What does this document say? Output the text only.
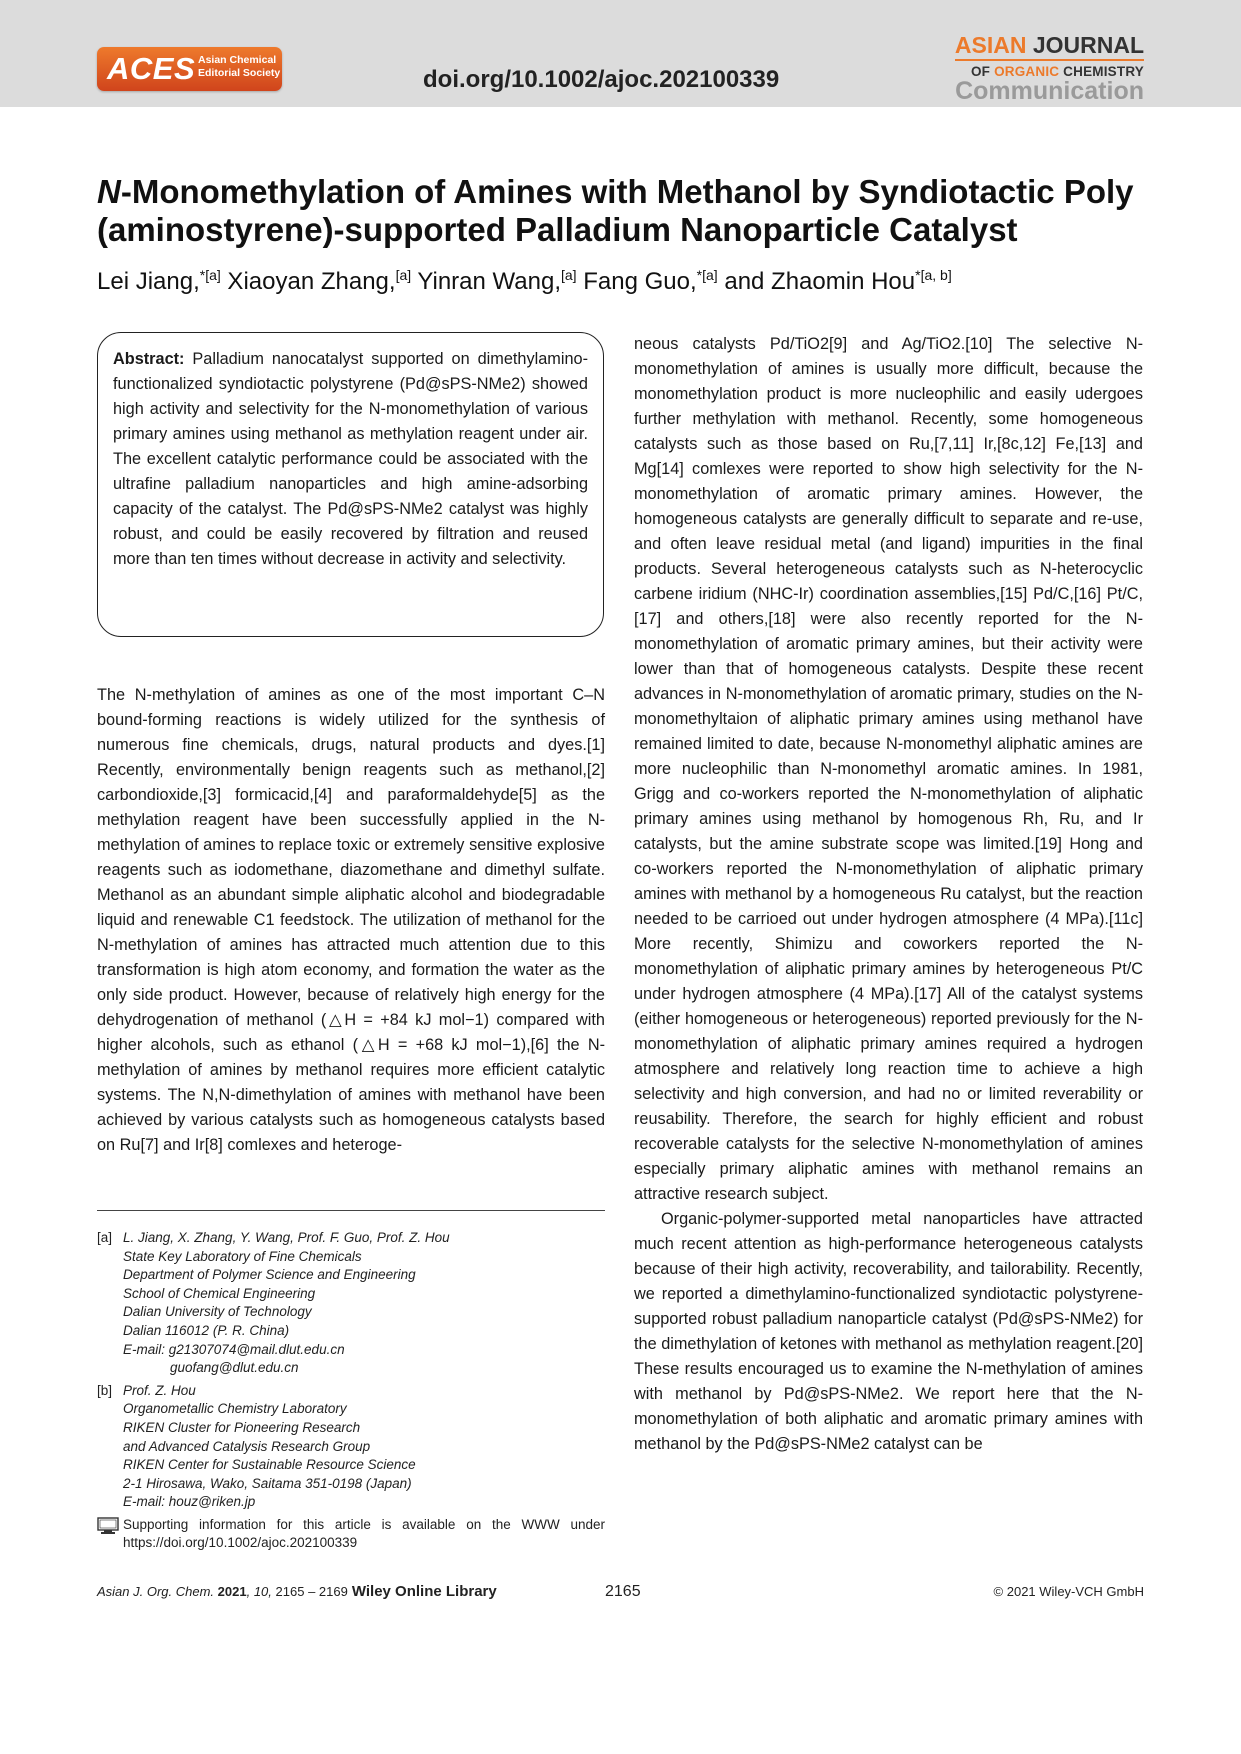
ACES Asian Chemical Editorial Society	doi.org/10.1002/ajoc.202100339
ASIAN JOURNAL
OF ORGANIC CHEMISTRY
Communication
N-Monomethylation of Amines with Methanol by Syndiotactic Poly (aminostyrene)-supported Palladium Nanoparticle Catalyst
Lei Jiang,$^{*[a]}$ Xiaoyan Zhang,[a] Yinran Wang,[a] Fang Guo,$^{*[a]}$ and Zhaomin Hou$^{*[a, b]}$

Abstract: Palladium nanocatalyst supported on dimethylamino-functionalized syndiotactic polystyrene (Pd@sPS-NMe2) showed high activity and selectivity for the N-monomethylation of various primary amines using methanol as methylation reagent under air. The excellent catalytic performance could be associated with the ultrafine palladium nanoparticles and high amine-adsorbing capacity of the catalyst. The Pd@sPS-NMe2 catalyst was highly robust, and could be easily recovered by filtration and reused more than ten times without decrease in activity and selectivity.

The N-methylation of amines as one of the most important C–N bound-forming reactions is widely utilized for the synthesis of numerous fine chemicals, drugs, natural products and dyes.[1] Recently, environmentally benign reagents such as methanol,[2] carbondioxide,[3] formicacid,[4] and paraformaldehyde[5] as the methylation reagent have been successfully applied in the N-methylation of amines to replace toxic or extremely sensitive explosive reagents such as iodomethane, diazomethane and dimethyl sulfate. Methanol as an abundant simple aliphatic alcohol and biodegradable liquid and renewable C1 feedstock. The utilization of methanol for the N-methylation of amines has attracted much attention due to this transformation is high atom economy, and formation the water as the only side product. However, because of relatively high energy for the dehydrogenation of methanol (△H = +84 kJ mol−1) compared with higher alcohols, such as ethanol (△H = +68 kJ mol−1),[6] the N-methylation of amines by methanol requires more efficient catalytic systems. The N,N-dimethylation of amines with methanol have been achieved by various catalysts such as homogeneous catalysts based on Ru[7] and Ir[8] comlexes and heteroge-

neous catalysts Pd/TiO2[9] and Ag/TiO2.[10] The selective N-monomethylation of amines is usually more difficult, because the monomethylation product is more nucleophilic and easily udergoes further methylation with methanol. Recently, some homogeneous catalysts such as those based on Ru,[7,11] Ir,[8c,12] Fe,[13] and Mg[14] comlexes were reported to show high selectivity for the N-monomethylation of aromatic primary amines. However, the homogeneous catalysts are generally difficult to separate and re-use, and often leave residual metal (and ligand) impurities in the final products. Several heterogeneous catalysts such as N-heterocyclic carbene iridium (NHC-Ir) coordination assemblies,[15] Pd/C,[16] Pt/C,[17] and others,[18] were also recently reported for the N-monomethylation of aromatic primary amines, but their activity were lower than that of homogeneous catalysts. Despite these recent advances in N-monomethylation of aromatic primary, studies on the N-monomethyltaion of aliphatic primary amines using methanol have remained limited to date, because N-monomethyl aliphatic amines are more nucleophilic than N-monomethyl aromatic amines. In 1981, Grigg and co-workers reported the N-monomethylation of aliphatic primary amines using methanol by homogenous Rh, Ru, and Ir catalysts, but the amine substrate scope was limited.[19] Hong and co-workers reported the N-monomethylation of aliphatic primary amines with methanol by a homogeneous Ru catalyst, but the reaction needed to be carrioed out under hydrogen atmosphere (4 MPa).[11c] More recently, Shimizu and coworkers reported the N-monomethylation of aliphatic primary amines by heterogeneous Pt/C under hydrogen atmosphere (4 MPa).[17] All of the catalyst systems (either homogeneous or heterogeneous) reported previously for the N-monomethylation of aliphatic primary amines required a hydrogen atmosphere and relatively long reaction time to achieve a high selectivity and high conversion, and had no or limited reverability or reusability. Therefore, the search for highly efficient and robust recoverable catalysts for the selective N-monomethylation of amines especially primary aliphatic amines with methanol remains an attractive research subject.

Organic-polymer-supported metal nanoparticles have attracted much recent attention as high-performance heterogeneous catalysts because of their high activity, recoverability, and tailorability. Recently, we reported a dimethylamino-functionalized syndiotactic polystyrene-supported robust palladium nanoparticle catalyst (Pd@sPS-NMe2) for the dimethylation of ketones with methanol as methylation reagent.[20] These results encouraged us to examine the N-methylation of amines with methanol by Pd@sPS-NMe2. We report here that the N-monomethylation of both aliphatic and aromatic primary amines with methanol by the Pd@sPS-NMe2 catalyst can be

[a] L. Jiang, X. Zhang, Y. Wang, Prof. F. Guo, Prof. Z. Hou
State Key Laboratory of Fine Chemicals
Department of Polymer Science and Engineering
School of Chemical Engineering
Dalian University of Technology
Dalian 116012 (P. R. China)
E-mail: g21307074@mail.dlut.edu.cn
guofang@dlut.edu.cn
[b] Prof. Z. Hou
Organometallic Chemistry Laboratory
RIKEN Cluster for Pioneering Research
and Advanced Catalysis Research Group
RIKEN Center for Sustainable Resource Science
2-1 Hirosawa, Wako, Saitama 351-0198 (Japan)
E-mail: houz@riken.jp
Supporting information for this article is available on the WWW under https://doi.org/10.1002/ajoc.202100339
Asian J. Org. Chem. 2021, 10, 2165 – 2169 Wiley Online Library	2165	© 2021 Wiley-VCH GmbH
